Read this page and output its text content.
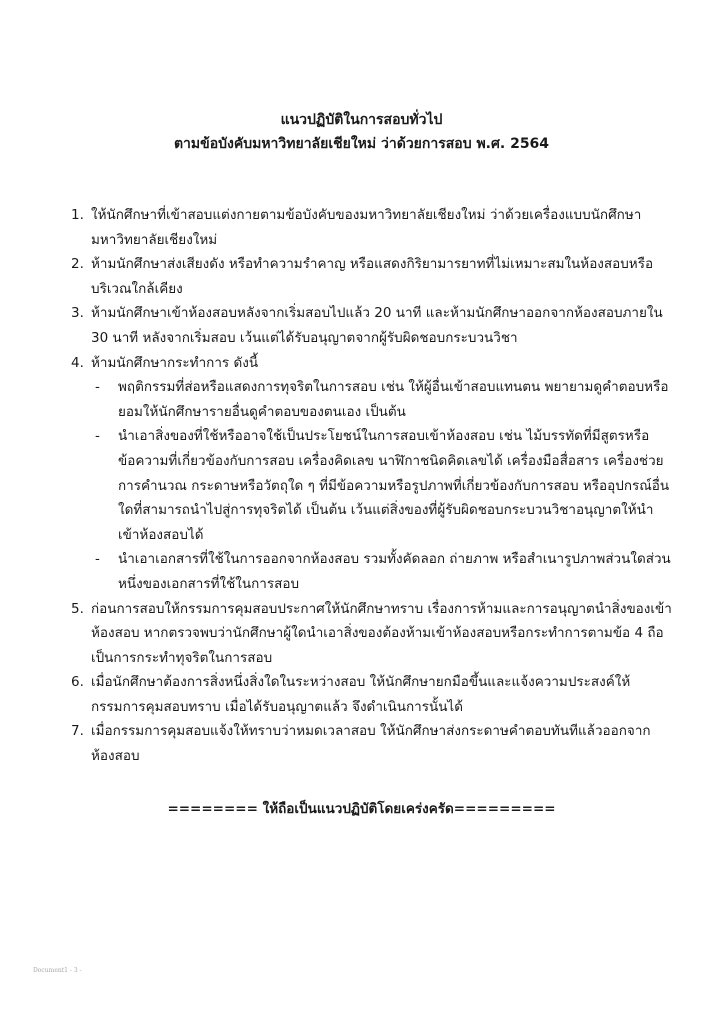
แนวปฏิบัติในการสอบทั่วไป
ตามข้อบังคับมหาวิทยาลัยเชียใหม่ ว่าด้วยการสอบ พ.ศ. 2564
1. ให้นักศึกษาที่เข้าสอบแต่งกายตามข้อบังคับของมหาวิทยาลัยเชียงใหม่ ว่าด้วยเครื่องแบบนักศึกษามหาวิทยาลัยเชียงใหม่
2. ห้ามนักศึกษาส่งเสียงดัง หรือทำความรำคาญ หรือแสดงกิริยามารยาทที่ไม่เหมาะสมในห้องสอบหรือบริเวณใกล้เคียง
3. ห้ามนักศึกษาเข้าห้องสอบหลังจากเริ่มสอบไปแล้ว 20 นาที และห้ามนักศึกษาออกจากห้องสอบภายใน 30 นาที หลังจากเริ่มสอบ เว้นแต่ได้รับอนุญาตจากผู้รับผิดชอบกระบวนวิชา
4. ห้ามนักศึกษากระทำการ ดังนี้
- พฤติกรรมที่ส่อหรือแสดงการทุจริตในการสอบ เช่น ให้ผู้อื่นเข้าสอบแทนตน พยายามดูคำตอบหรือยอมให้นักศึกษารายอื่นดูคำตอบของตนเอง เป็นต้น
- นำเอาสิ่งของที่ใช้หรืออาจใช้เป็นประโยชน์ในการสอบเข้าห้องสอบ เช่น ไม้บรรทัดที่มีสูตรหรือข้อความที่เกี่ยวข้องกับการสอบ เครื่องคิดเลข นาฬิกาชนิดคิดเลขได้ เครื่องมือสื่อสาร เครื่องช่วยการคำนวณ กระดาษหรือวัตถุใด ๆ ที่มีข้อความหรือรูปภาพที่เกี่ยวข้องกับการสอบ หรืออุปกรณ์อื่นใดที่สามารถนำไปสู่การทุจริตได้ เป็นต้น เว้นแต่สิ่งของที่ผู้รับผิดชอบกระบวนวิชาอนุญาตให้นำเข้าห้องสอบได้
- นำเอาเอกสารที่ใช้ในการออกจากห้องสอบ รวมทั้งคัดลอก ถ่ายภาพ หรือสำเนารูปภาพส่วนใดส่วนหนึ่งของเอกสารที่ใช้ในการสอบ
5. ก่อนการสอบให้กรรมการคุมสอบประกาศให้นักศึกษาทราบ เรื่องการห้ามและการอนุญาตนำสิ่งของเข้าห้องสอบ หากตรวจพบว่านักศึกษาผู้ใดนำเอาสิ่งของต้องห้ามเข้าห้องสอบหรือกระทำการตามข้อ 4 ถือเป็นการกระทำทุจริตในการสอบ
6. เมื่อนักศึกษาต้องการสิ่งหนึ่งสิ่งใดในระหว่างสอบ ให้นักศึกษายกมือขึ้นและแจ้งความประสงค์ให้กรรมการคุมสอบทราบ เมื่อได้รับอนุญาตแล้ว จึงดำเนินการนั้นได้
7. เมื่อกรรมการคุมสอบแจ้งให้ทราบว่าหมดเวลาสอบ ให้นักศึกษาส่งกระดาษคำตอบทันทีแล้วออกจากห้องสอบ
======== ให้ถือเป็นแนวปฏิบัติโดยเคร่งครัด=========
Document1 - 3 -
